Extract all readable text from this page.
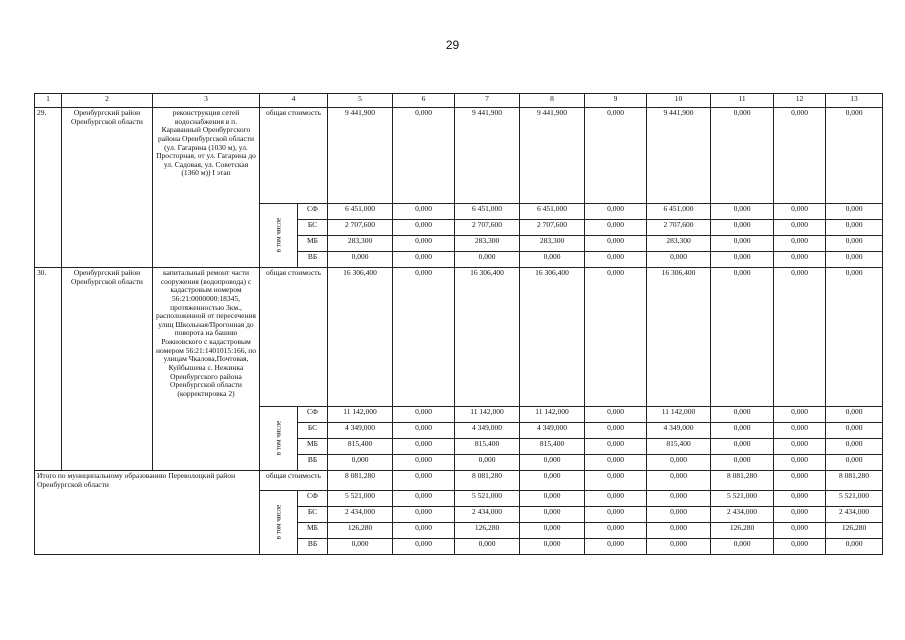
29
1	2	3	4		5	6	7	8	9	10	11	12	13
29.	Оренбургский район Оренбургской области	реконструкция сетей водоснабжения в п. Караванный Оренбургского района Оренбургской области (ул. Гагарина (1030 м), ул. Просторная, от ул. Гагарина до ул. Садовая, ул. Советская (1360 м)) I этап	общая стоимость		9 441,900	0,000	9 441,900	9 441,900	0,000	9 441,900	0,000	0,000	0,000
			в том числе	СФ	6 451,000	0,000	6 451,000	6 451,000	0,000	6 451,000	0,000	0,000	0,000
				БС	2 707,600	0,000	2 707,600	2 707,600	0,000	2 707,600	0,000	0,000	0,000
				МБ	283,300	0,000	283,300	283,300	0,000	283,300	0,000	0,000	0,000
				ВБ	0,000	0,000	0,000	0,000	0,000	0,000	0,000	0,000	0,000
30.	Оренбургский район Оренбургской области	капитальный ремонт части сооружения (водопровода) с кадастровым номером 56:21:0000000:18345, протяженностью 3км., расположенной от пересечения улиц Школьная/Прогонная до поворота на башню Рожновского с кадастровым номером 56:21:1401015:166, по улицам Чкалова,Почтовая, Куйбышева с. Нежинка Оренбургского района Оренбургской области (корректировка 2)	общая стоимость		16 306,400	0,000	16 306,400	16 306,400	0,000	16 306,400	0,000	0,000	0,000
			в том числе	СФ	11 142,000	0,000	11 142,000	11 142,000	0,000	11 142,000	0,000	0,000	0,000
				БС	4 349,000	0,000	4 349,000	4 349,000	0,000	4 349,000	0,000	0,000	0,000
				МБ	815,400	0,000	815,400	815,400	0,000	815,400	0,000	0,000	0,000
				ВБ	0,000	0,000	0,000	0,000	0,000	0,000	0,000	0,000	0,000
Итого по муниципальному образованию Переволоцкий район Оренбургской области			общая стоимость		8 081,280	0,000	8 081,280	0,000	0,000	0,000	8 081,280	0,000	8 081,280
			в том числе	СФ	5 521,000	0,000	5 521,000	0,000	0,000	0,000	5 521,000	0,000	5 521,000
				БС	2 434,000	0,000	2 434,000	0,000	0,000	0,000	2 434,000	0,000	2 434,000
				МБ	126,280	0,000	126,280	0,000	0,000	0,000	126,280	0,000	126,280
				ВБ	0,000	0,000	0,000	0,000	0,000	0,000	0,000	0,000	0,000
